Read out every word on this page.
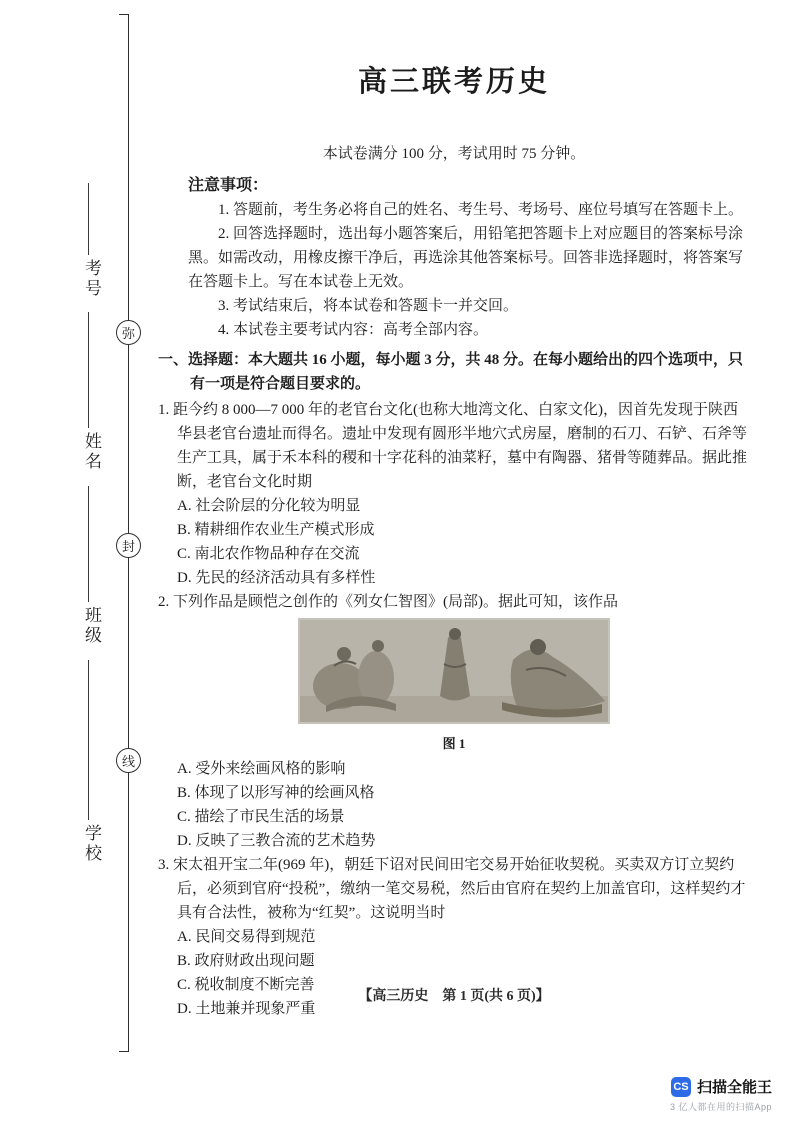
考号
姓名
班级
学校
弥
封
线
高三联考历史

本试卷满分 100 分，考试用时 75 分钟。

注意事项：

1. 答题前，考生务必将自己的姓名、考生号、考场号、座位号填写在答题卡上。

2. 回答选择题时，选出每小题答案后，用铅笔把答题卡上对应题目的答案标号涂黑。如需改动，用橡皮擦干净后，再选涂其他答案标号。回答非选择题时，将答案写在答题卡上。写在本试卷上无效。

3. 考试结束后，将本试卷和答题卡一并交回。

4. 本试卷主要考试内容：高考全部内容。

一、选择题：本大题共 16 小题，每小题 3 分，共 48 分。在每小题给出的四个选项中，只有一项是符合题目要求的。

1. 距今约 8 000—7 000 年的老官台文化(也称大地湾文化、白家文化)，因首先发现于陕西华县老官台遗址而得名。遗址中发现有圆形半地穴式房屋，磨制的石刀、石铲、石斧等生产工具，属于禾本科的稷和十字花科的油菜籽，墓中有陶器、猪骨等随葬品。据此推断，老官台文化时期

A. 社会阶层的分化较为明显

B. 精耕细作农业生产模式形成

C. 南北农作物品种存在交流

D. 先民的经济活动具有多样性

2. 下列作品是顾恺之创作的《列女仁智图》(局部)。据此可知，该作品

图 1

A. 受外来绘画风格的影响

B. 体现了以形写神的绘画风格

C. 描绘了市民生活的场景

D. 反映了三教合流的艺术趋势

3. 宋太祖开宝二年(969 年)，朝廷下诏对民间田宅交易开始征收契税。买卖双方订立契约后，必须到官府“投税”，缴纳一笔交易税，然后由官府在契约上加盖官印，这样契约才具有合法性，被称为“红契”。这说明当时

A. 民间交易得到规范

B. 政府财政出现问题

C. 税收制度不断完善

D. 土地兼并现象严重

【高三历史　第 1 页(共 6 页)】

CS 扫描全能王
3 亿人都在用的扫描App
